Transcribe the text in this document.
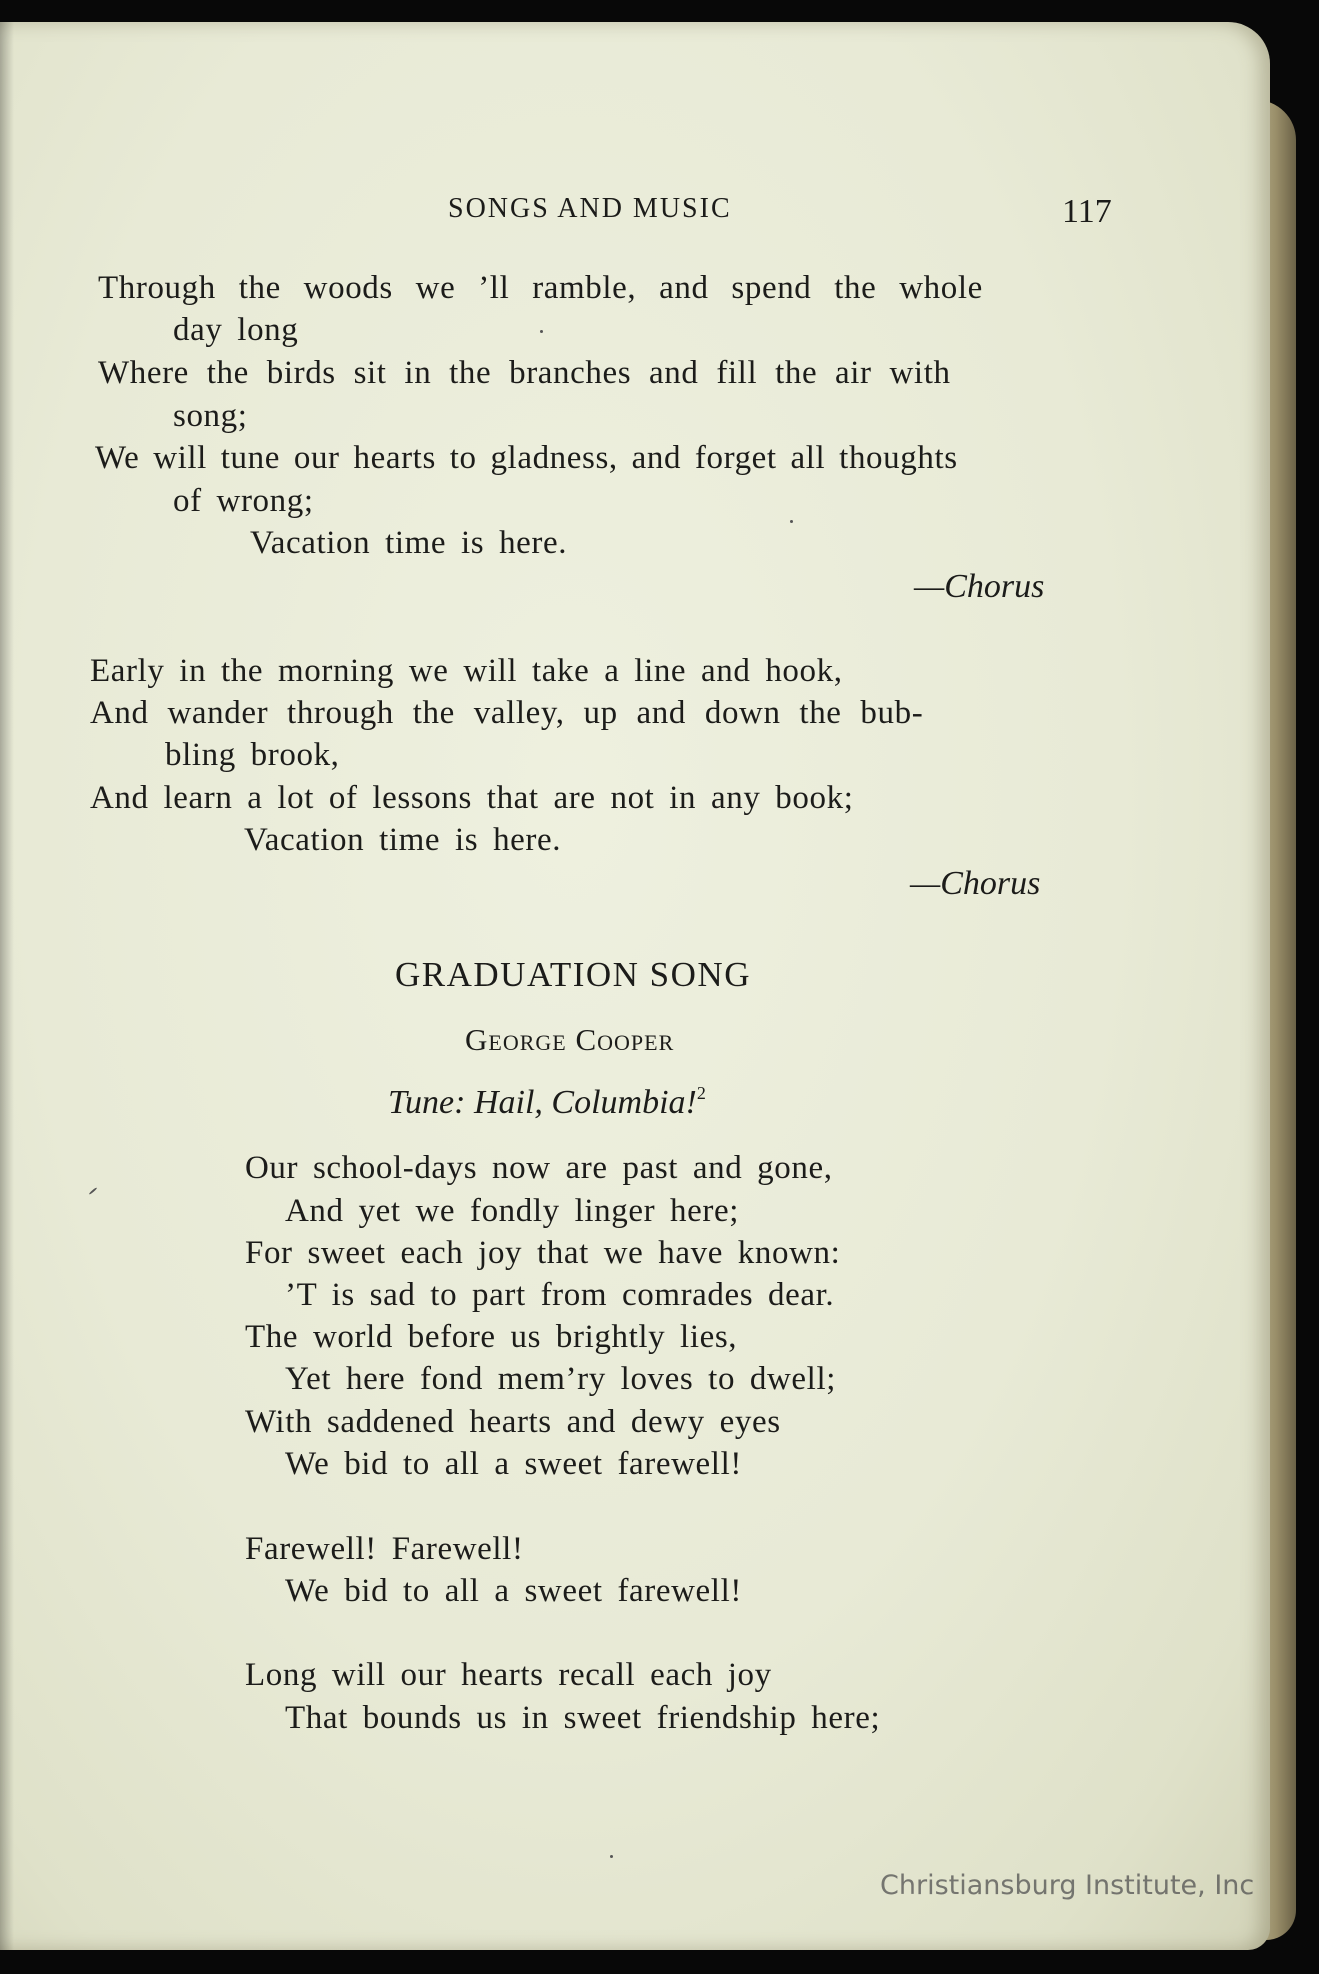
SONGS AND MUSIC	117
Through the woods we ’ll ramble, and spend the whole
day long
Where the birds sit in the branches and fill the air with
song;
We will tune our hearts to gladness, and forget all thoughts
of wrong;
Vacation time is here.
—Chorus
Early in the morning we will take a line and hook,
And wander through the valley, up and down the bub-
bling brook,
And learn a lot of lessons that are not in any book;
Vacation time is here.
—Chorus
GRADUATION SONG
George Cooper
Tune: Hail, Columbia!$^2$
Our school-days now are past and gone,
And yet we fondly linger here;
For sweet each joy that we have known:
’T is sad to part from comrades dear.
The world before us brightly lies,
Yet here fond mem’ry loves to dwell;
With saddened hearts and dewy eyes
We bid to all a sweet farewell!
Farewell! Farewell!
We bid to all a sweet farewell!
Long will our hearts recall each joy
That bounds us in sweet friendship here;
Christiansburg Institute, Inc
